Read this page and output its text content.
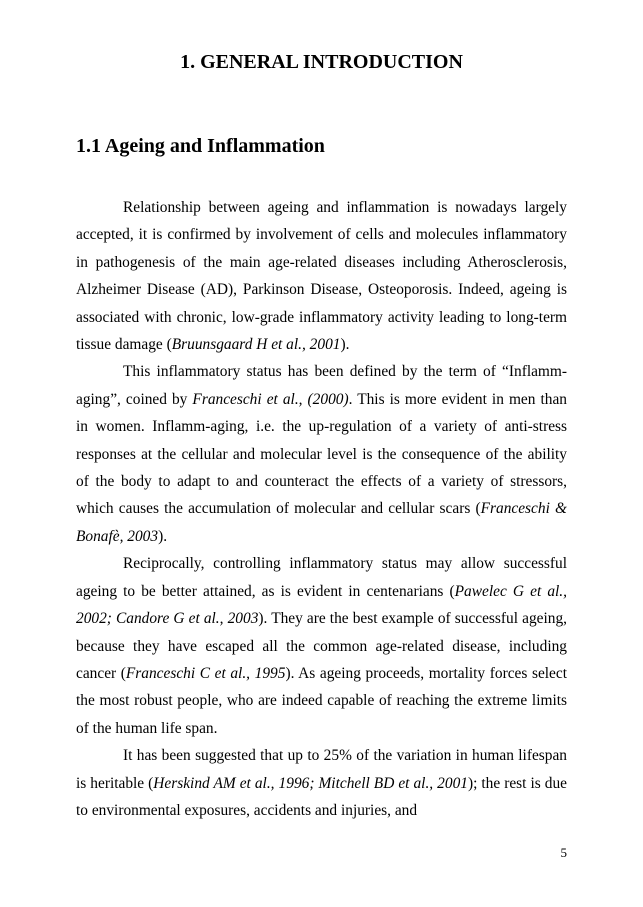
1. GENERAL INTRODUCTION
1.1 Ageing and Inflammation

Relationship between ageing and inflammation is nowadays largely accepted, it is confirmed by involvement of cells and molecules inflammatory in pathogenesis of the main age-related diseases including Atherosclerosis, Alzheimer Disease (AD), Parkinson Disease, Osteoporosis. Indeed, ageing is associated with chronic, low-grade inflammatory activity leading to long-term tissue damage (Bruunsgaard H et al., 2001).

This inflammatory status has been defined by the term of “Inflamm-aging”, coined by Franceschi et al., (2000). This is more evident in men than in women. Inflamm-aging, i.e. the up-regulation of a variety of anti-stress responses at the cellular and molecular level is the consequence of the ability of the body to adapt to and counteract the effects of a variety of stressors, which causes the accumulation of molecular and cellular scars (Franceschi & Bonafè, 2003).

Reciprocally, controlling inflammatory status may allow successful ageing to be better attained, as is evident in centenarians (Pawelec G et al., 2002; Candore G et al., 2003). They are the best example of successful ageing, because they have escaped all the common age-related disease, including cancer (Franceschi C et al., 1995). As ageing proceeds, mortality forces select the most robust people, who are indeed capable of reaching the extreme limits of the human life span.

It has been suggested that up to 25% of the variation in human lifespan is heritable (Herskind AM et al., 1996; Mitchell BD et al., 2001); the rest is due to environmental exposures, accidents and injuries, and

5
